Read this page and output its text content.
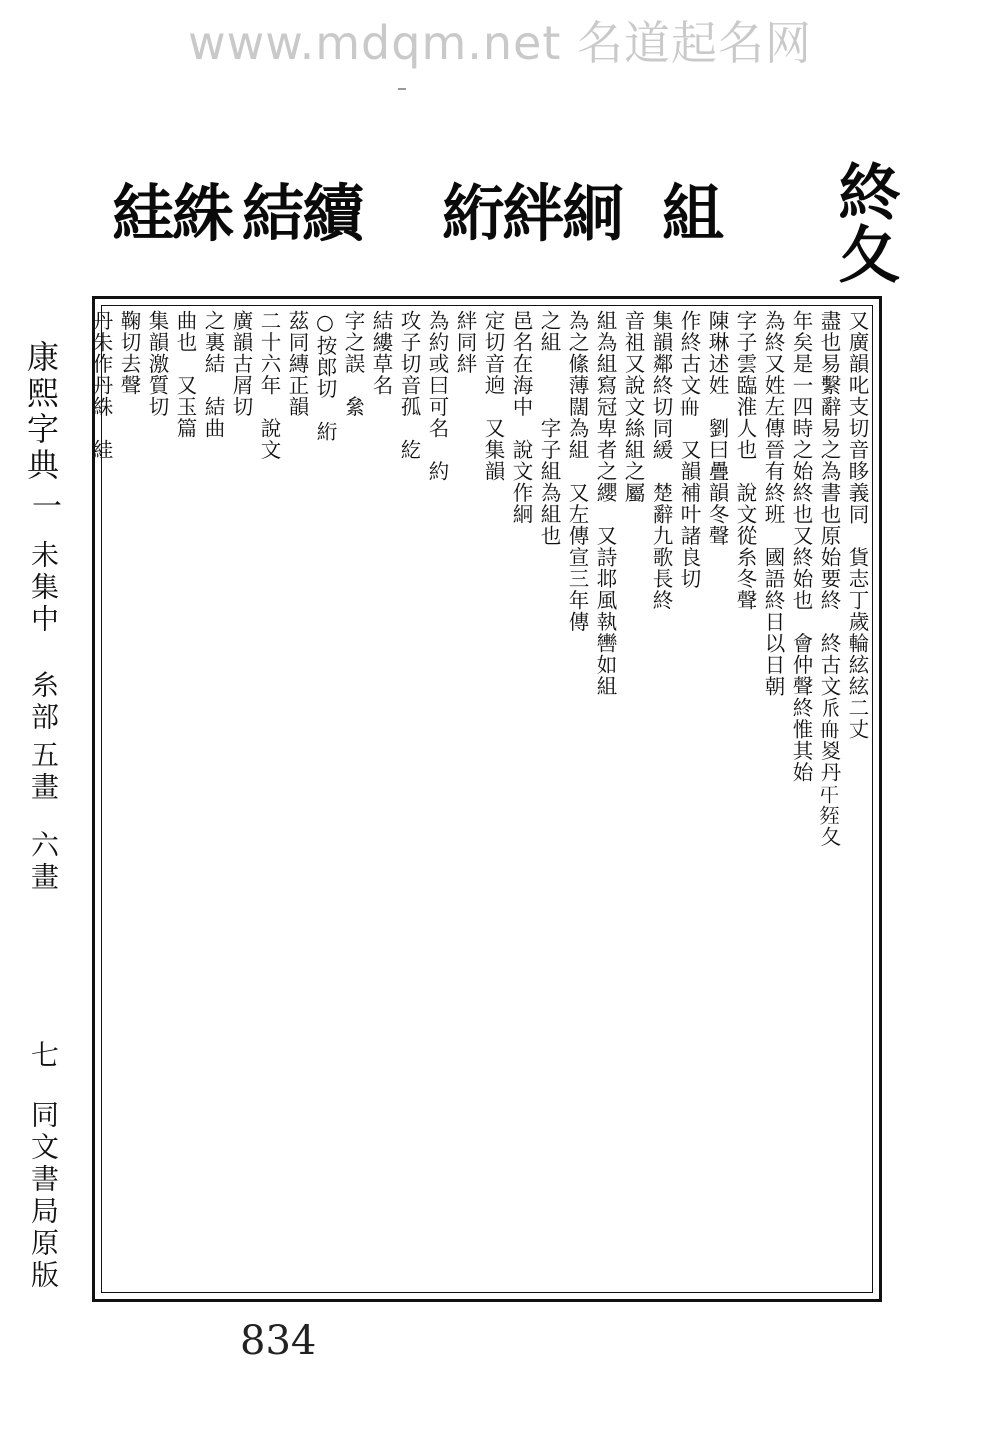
www.mdqm.net 名道起名网
絓絑 結續 絎絆絅 組 終夂
康熙字典
一
未集中
糸部
五畫
六畫
七
同文書局原版
又廣韻叱支切音眵義同　貨志丁歲輪絃絃二丈
盡也易繫辭易之為書也原始要終　終古文𠂢𠂨㚇丹𡕒𡖧夂
年矣是一四時之始終也又終始也　會仲聲終惟其始
為終又姓左傳晉有終班　國語終日以日朝
字子雲臨淮人也　說文從糸冬聲
陳琳述姓　劉曰疊韻冬聲
作終古文𠂨　又韻補叶諸良切
集韻鄰終切同緩　楚辭九歌長終
音祖又說文絲組之屬
組為組寫冠卑者之纓　又詩邶風執轡如組
為之絛薄闊為組　又左傳宣三年傳
之組　　　字子組為組也
邑名在海中　說文作絅
定切音逈　又集韻
絆同絆
為約或曰可名　約
攻子切音孤　紇
結縷草名
字之誤　絫
○按郎切　絎
茲同縳正韻
二十六年　說文
廣韻古屑切
之裏結　結曲
曲也　又玉篇
集韻激質切
鞠切去聲
丹朱作丹絑　絓
834
